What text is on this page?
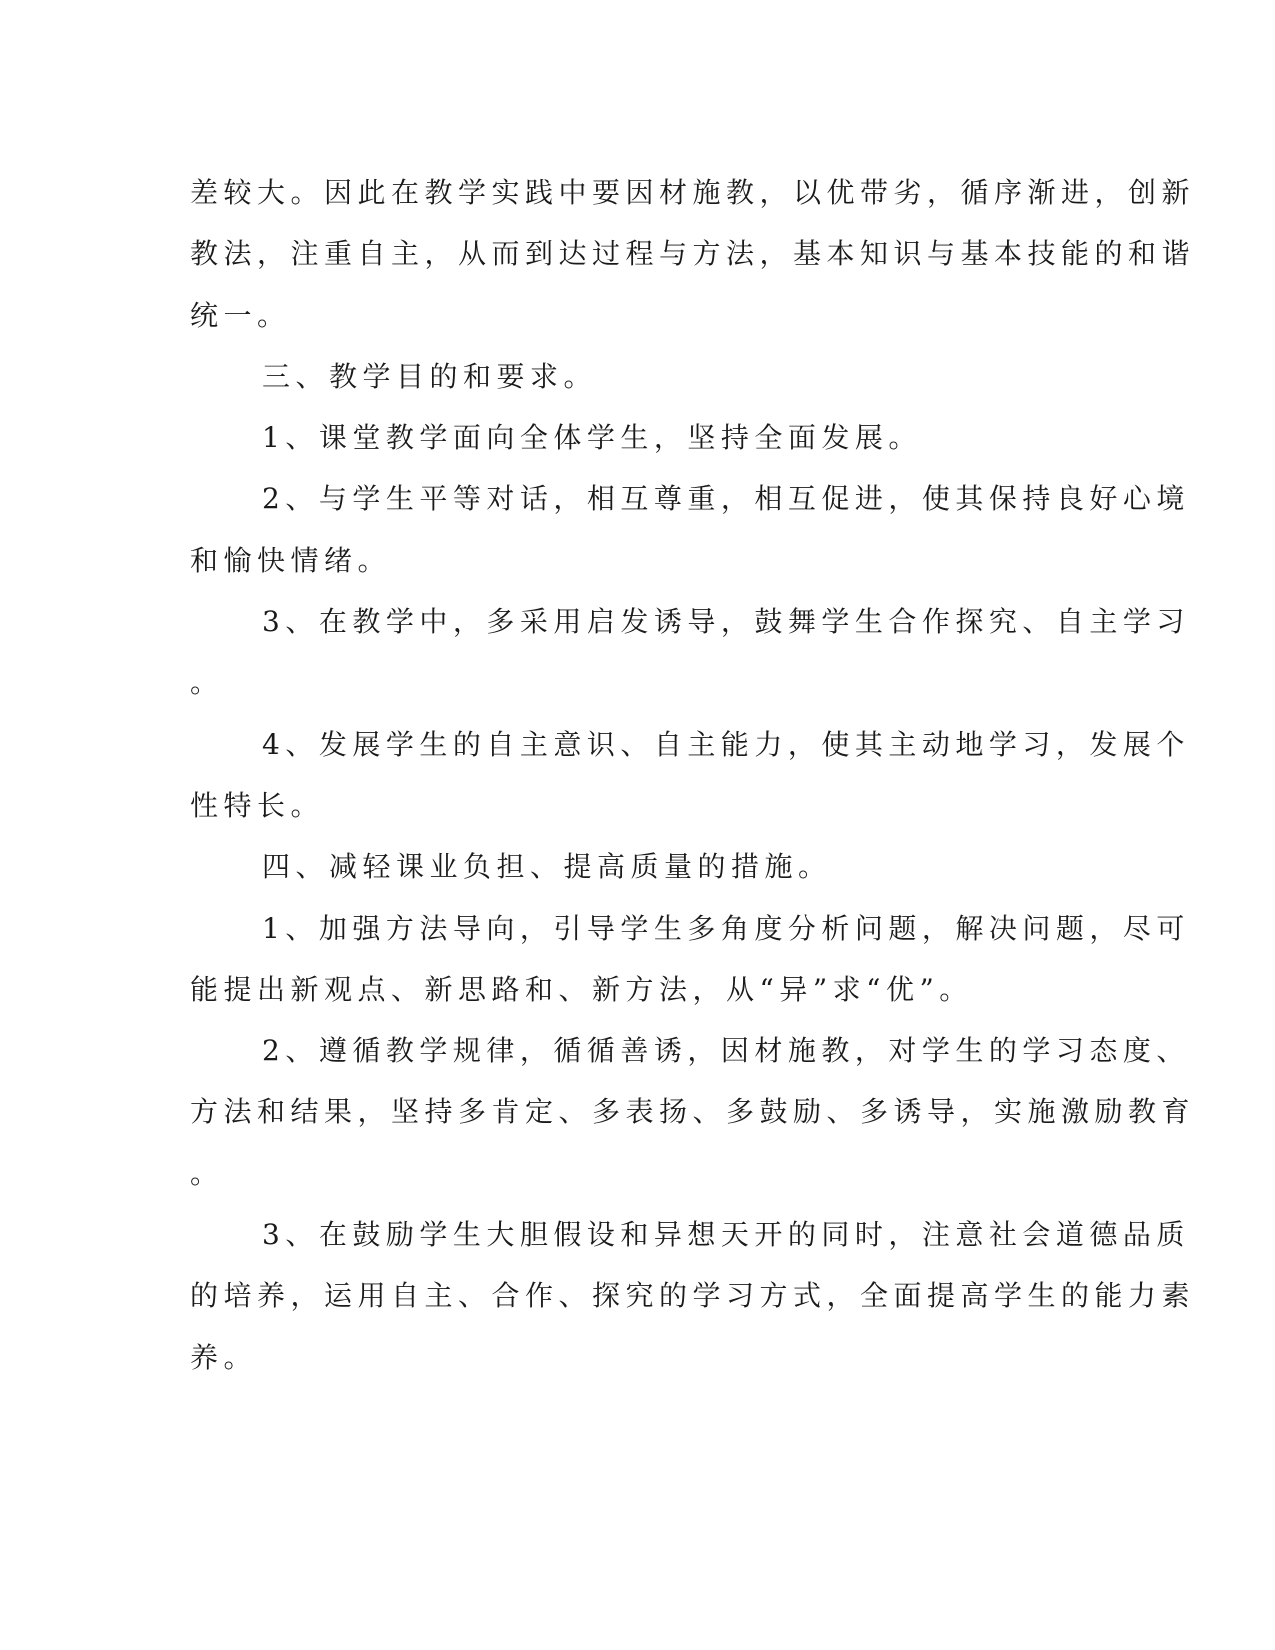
差较大。因此在教学实践中要因材施教，以优带劣，循序渐进，创新
教法，注重自主，从而到达过程与方法，基本知识与基本技能的和谐
统一。
三、教学目的和要求。
1、课堂教学面向全体学生，坚持全面发展。
2、与学生平等对话，相互尊重，相互促进，使其保持良好心境
和愉快情绪。
3、在教学中，多采用启发诱导，鼓舞学生合作探究、自主学习
。
4、发展学生的自主意识、自主能力，使其主动地学习，发展个
性特长。
四、减轻课业负担、提高质量的措施。
1、加强方法导向，引导学生多角度分析问题，解决问题，尽可
能提出新观点、新思路和、新方法，从“异”求“优”。
2、遵循教学规律，循循善诱，因材施教，对学生的学习态度、
方法和结果，坚持多肯定、多表扬、多鼓励、多诱导，实施激励教育
。
3、在鼓励学生大胆假设和异想天开的同时，注意社会道德品质
的培养，运用自主、合作、探究的学习方式，全面提高学生的能力素
养。
